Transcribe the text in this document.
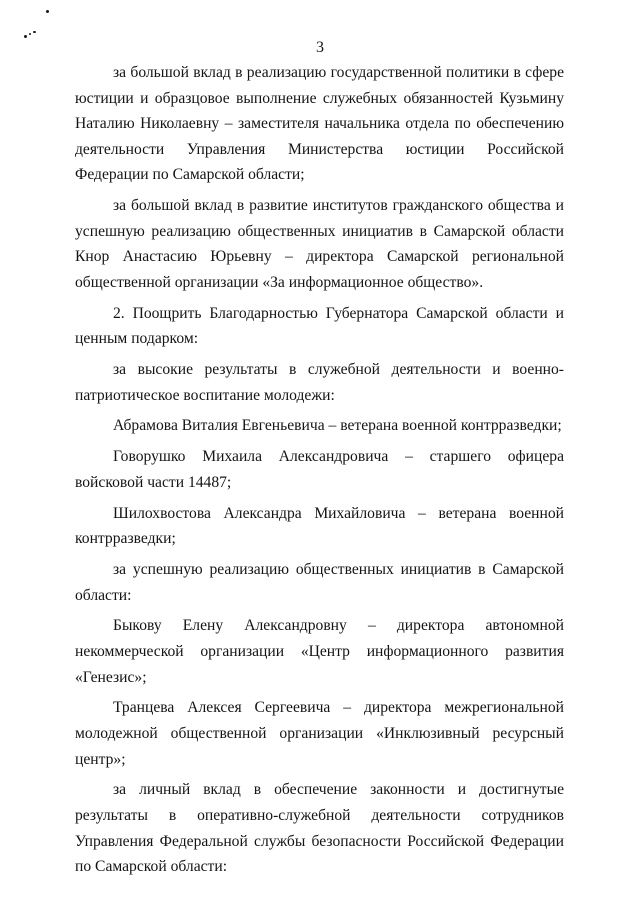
3

за большой вклад в реализацию государственной политики в сфере юстиции и образцовое выполнение служебных обязанностей Кузьмину Наталию Николаевну – заместителя начальника отдела по обеспечению деятельности Управления Министерства юстиции Российской Федерации по Самарской области;

за большой вклад в развитие институтов гражданского общества и успешную реализацию общественных инициатив в Самарской области Кнор Анастасию Юрьевну – директора Самарской региональной общественной организации «За информационное общество».

2. Поощрить Благодарностью Губернатора Самарской области и ценным подарком:

за высокие результаты в служебной деятельности и военно-патриотическое воспитание молодежи:

Абрамова Виталия Евгеньевича – ветерана военной контрразведки;

Говорушко Михаила Александровича – старшего офицера войсковой части 14487;

Шилохвостова Александра Михайловича – ветерана военной контрразведки;

за успешную реализацию общественных инициатив в Самарской области:

Быкову Елену Александровну – директора автономной некоммерческой организации «Центр информационного развития «Генезис»;

Транцева Алексея Сергеевича – директора межрегиональной молодежной общественной организации «Инклюзивный ресурсный центр»;

за личный вклад в обеспечение законности и достигнутые результаты в оперативно-служебной деятельности сотрудников Управления Федеральной службы безопасности Российской Федерации по Самарской области:
